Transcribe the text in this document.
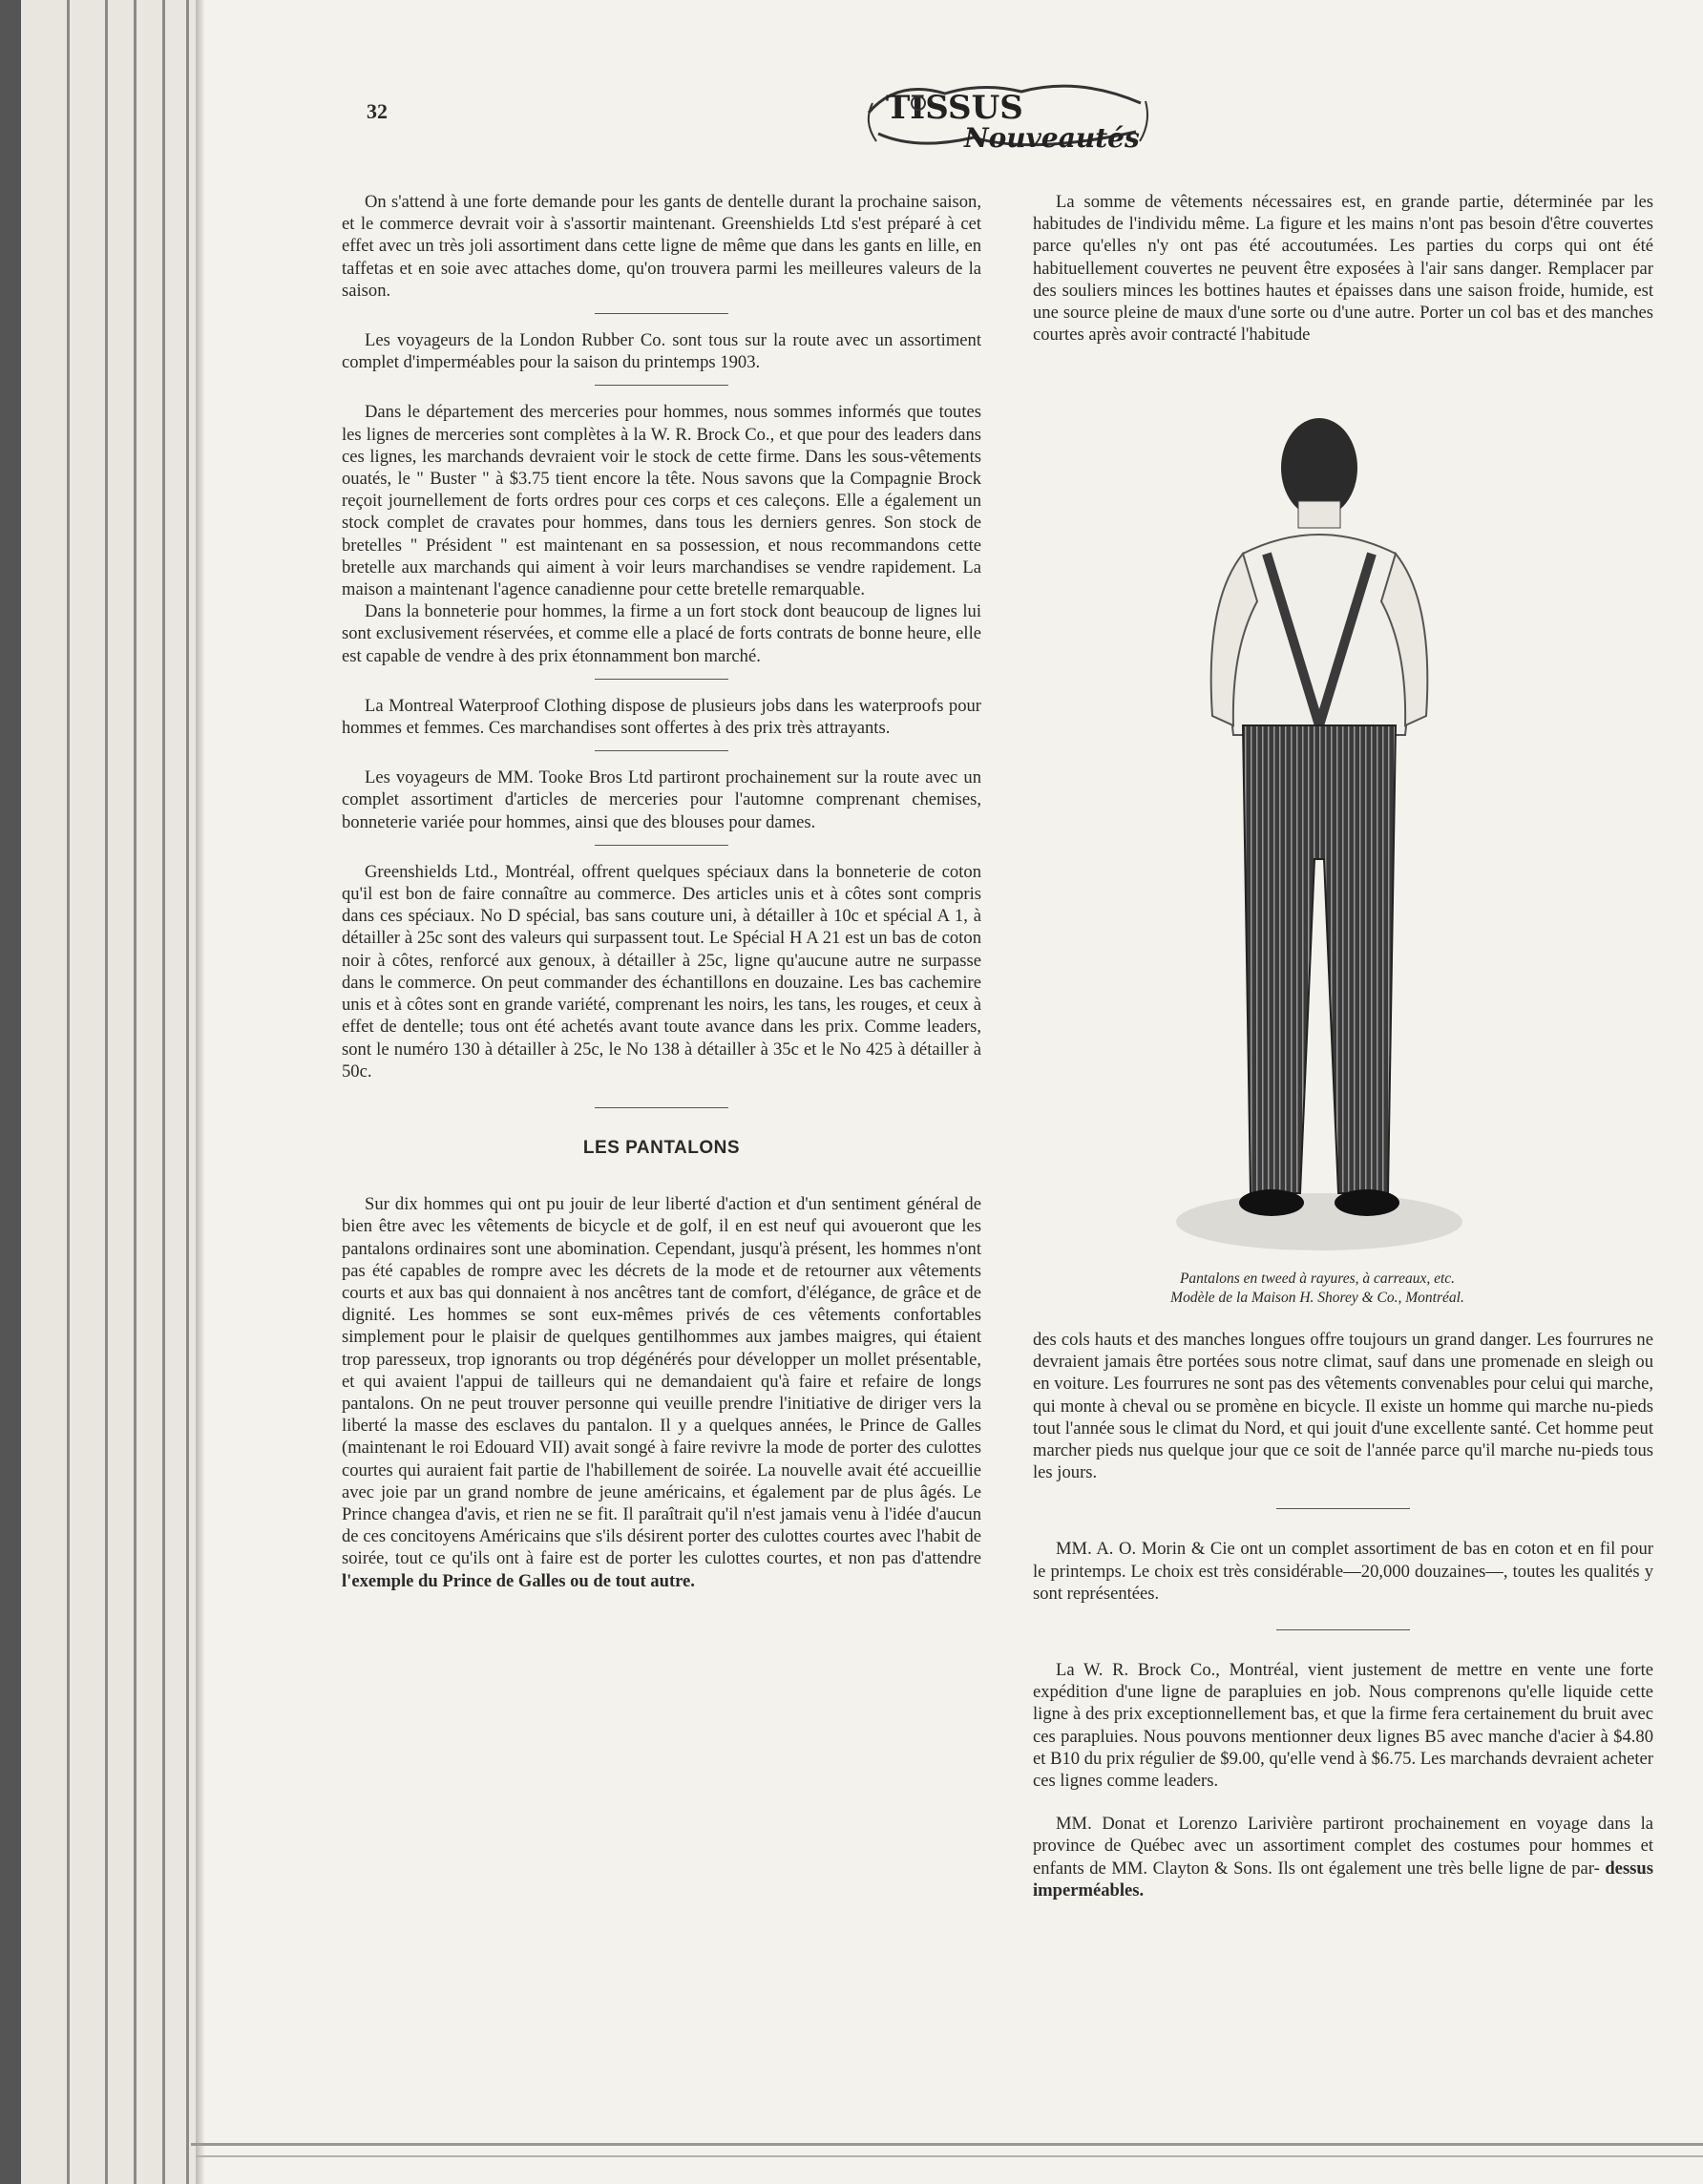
32	TISSUS
Nouveautés

On s'attend à une forte demande pour les gants de dentelle durant la prochaine saison, et le commerce devrait voir à s'assortir maintenant. Greenshields Ltd s'est préparé à cet effet avec un très joli assortiment dans cette ligne de même que dans les gants en lille, en taffetas et en soie avec attaches dome, qu'on trouvera parmi les meilleures valeurs de la saison.

Les voyageurs de la London Rubber Co. sont tous sur la route avec un assortiment complet d'imperméables pour la saison du printemps 1903.

Dans le département des merceries pour hommes, nous sommes informés que toutes les lignes de merceries sont complètes à la W. R. Brock Co., et que pour des leaders dans ces lignes, les marchands devraient voir le stock de cette firme. Dans les sous-vêtements ouatés, le " Buster " à $3.75 tient encore la tête. Nous savons que la Compagnie Brock reçoit journellement de forts ordres pour ces corps et ces caleçons. Elle a également un stock complet de cravates pour hommes, dans tous les derniers genres. Son stock de bretelles " Président " est maintenant en sa possession, et nous recommandons cette bretelle aux marchands qui aiment à voir leurs marchandises se vendre rapidement. La maison a maintenant l'agence canadienne pour cette bretelle remarquable.

Dans la bonneterie pour hommes, la firme a un fort stock dont beaucoup de lignes lui sont exclusivement réservées, et comme elle a placé de forts contrats de bonne heure, elle est capable de vendre à des prix étonnamment bon marché.

La Montreal Waterproof Clothing dispose de plusieurs jobs dans les waterproofs pour hommes et femmes. Ces marchandises sont offertes à des prix très attrayants.

Les voyageurs de MM. Tooke Bros Ltd partiront prochainement sur la route avec un complet assortiment d'articles de merceries pour l'automne comprenant chemises, bonneterie variée pour hommes, ainsi que des blouses pour dames.

Greenshields Ltd., Montréal, offrent quelques spéciaux dans la bonneterie de coton qu'il est bon de faire connaître au commerce. Des articles unis et à côtes sont compris dans ces spéciaux. No D spécial, bas sans couture uni, à détailler à 10c et spécial A 1, à détailler à 25c sont des valeurs qui surpassent tout. Le Spécial H A 21 est un bas de coton noir à côtes, renforcé aux genoux, à détailler à 25c, ligne qu'aucune autre ne surpasse dans le commerce. On peut commander des échantillons en douzaine. Les bas cachemire unis et à côtes sont en grande variété, comprenant les noirs, les tans, les rouges, et ceux à effet de dentelle; tous ont été achetés avant toute avance dans les prix. Comme leaders, sont le numéro 130 à détailler à 25c, le No 138 à détailler à 35c et le No 425 à détailler à 50c.

LES PANTALONS

Sur dix hommes qui ont pu jouir de leur liberté d'action et d'un sentiment général de bien être avec les vêtements de bicycle et de golf, il en est neuf qui avoueront que les pantalons ordinaires sont une abomination. Cependant, jusqu'à présent, les hommes n'ont pas été capables de rompre avec les décrets de la mode et de retourner aux vêtements courts et aux bas qui donnaient à nos ancêtres tant de comfort, d'élégance, de grâce et de dignité. Les hommes se sont eux-mêmes privés de ces vêtements confortables simplement pour le plaisir de quelques gentilhommes aux jambes maigres, qui étaient trop paresseux, trop ignorants ou trop dégénérés pour développer un mollet présentable, et qui avaient l'appui de tailleurs qui ne demandaient qu'à faire et refaire de longs pantalons. On ne peut trouver personne qui veuille prendre l'initiative de diriger vers la liberté la masse des esclaves du pantalon. Il y a quelques années, le Prince de Galles (maintenant le roi Edouard VII) avait songé à faire revivre la mode de porter des culottes courtes qui auraient fait partie de l'habillement de soirée. La nouvelle avait été accueillie avec joie par un grand nombre de jeune américains, et également par de plus âgés. Le Prince changea d'avis, et rien ne se fit. Il paraîtrait qu'il n'est jamais venu à l'idée d'aucun de ces concitoyens Américains que s'ils désirent porter des culottes courtes avec l'habit de soirée, tout ce qu'ils ont à faire est de porter les culottes courtes, et non pas d'attendre l'exemple du Prince de Galles ou de tout autre.

La somme de vêtements nécessaires est, en grande partie, déterminée par les habitudes de l'individu même. La figure et les mains n'ont pas besoin d'être couvertes parce qu'elles n'y ont pas été accoutumées. Les parties du corps qui ont été habituellement couvertes ne peuvent être exposées à l'air sans danger. Remplacer par des souliers minces les bottines hautes et épaisses dans une saison froide, humide, est une source pleine de maux d'une sorte ou d'une autre. Porter un col bas et des manches courtes après avoir contracté l'habitude

Pantalons en tweed à rayures, à carreaux, etc.
Modèle de la Maison H. Shorey & Co., Montréal.

des cols hauts et des manches longues offre toujours un grand danger. Les fourrures ne devraient jamais être portées sous notre climat, sauf dans une promenade en sleigh ou en voiture. Les fourrures ne sont pas des vêtements convenables pour celui qui marche, qui monte à cheval ou se promène en bicycle. Il existe un homme qui marche nu-pieds tout l'année sous le climat du Nord, et qui jouit d'une excellente santé. Cet homme peut marcher pieds nus quelque jour que ce soit de l'année parce qu'il marche nu-pieds tous les jours.

MM. A. O. Morin & Cie ont un complet assortiment de bas en coton et en fil pour le printemps. Le choix est très considérable—20,000 douzaines—, toutes les qualités y sont représentées.

La W. R. Brock Co., Montréal, vient justement de mettre en vente une forte expédition d'une ligne de parapluies en job. Nous comprenons qu'elle liquide cette ligne à des prix exceptionnellement bas, et que la firme fera certainement du bruit avec ces parapluies. Nous pouvons mentionner deux lignes B5 avec manche d'acier à $4.80 et B10 du prix régulier de $9.00, qu'elle vend à $6.75. Les marchands devraient acheter ces lignes comme leaders.

MM. Donat et Lorenzo Larivière partiront prochainement en voyage dans la province de Québec avec un assortiment complet des costumes pour hommes et enfants de MM. Clayton & Sons. Ils ont également une très belle ligne de par- dessus imperméables.
